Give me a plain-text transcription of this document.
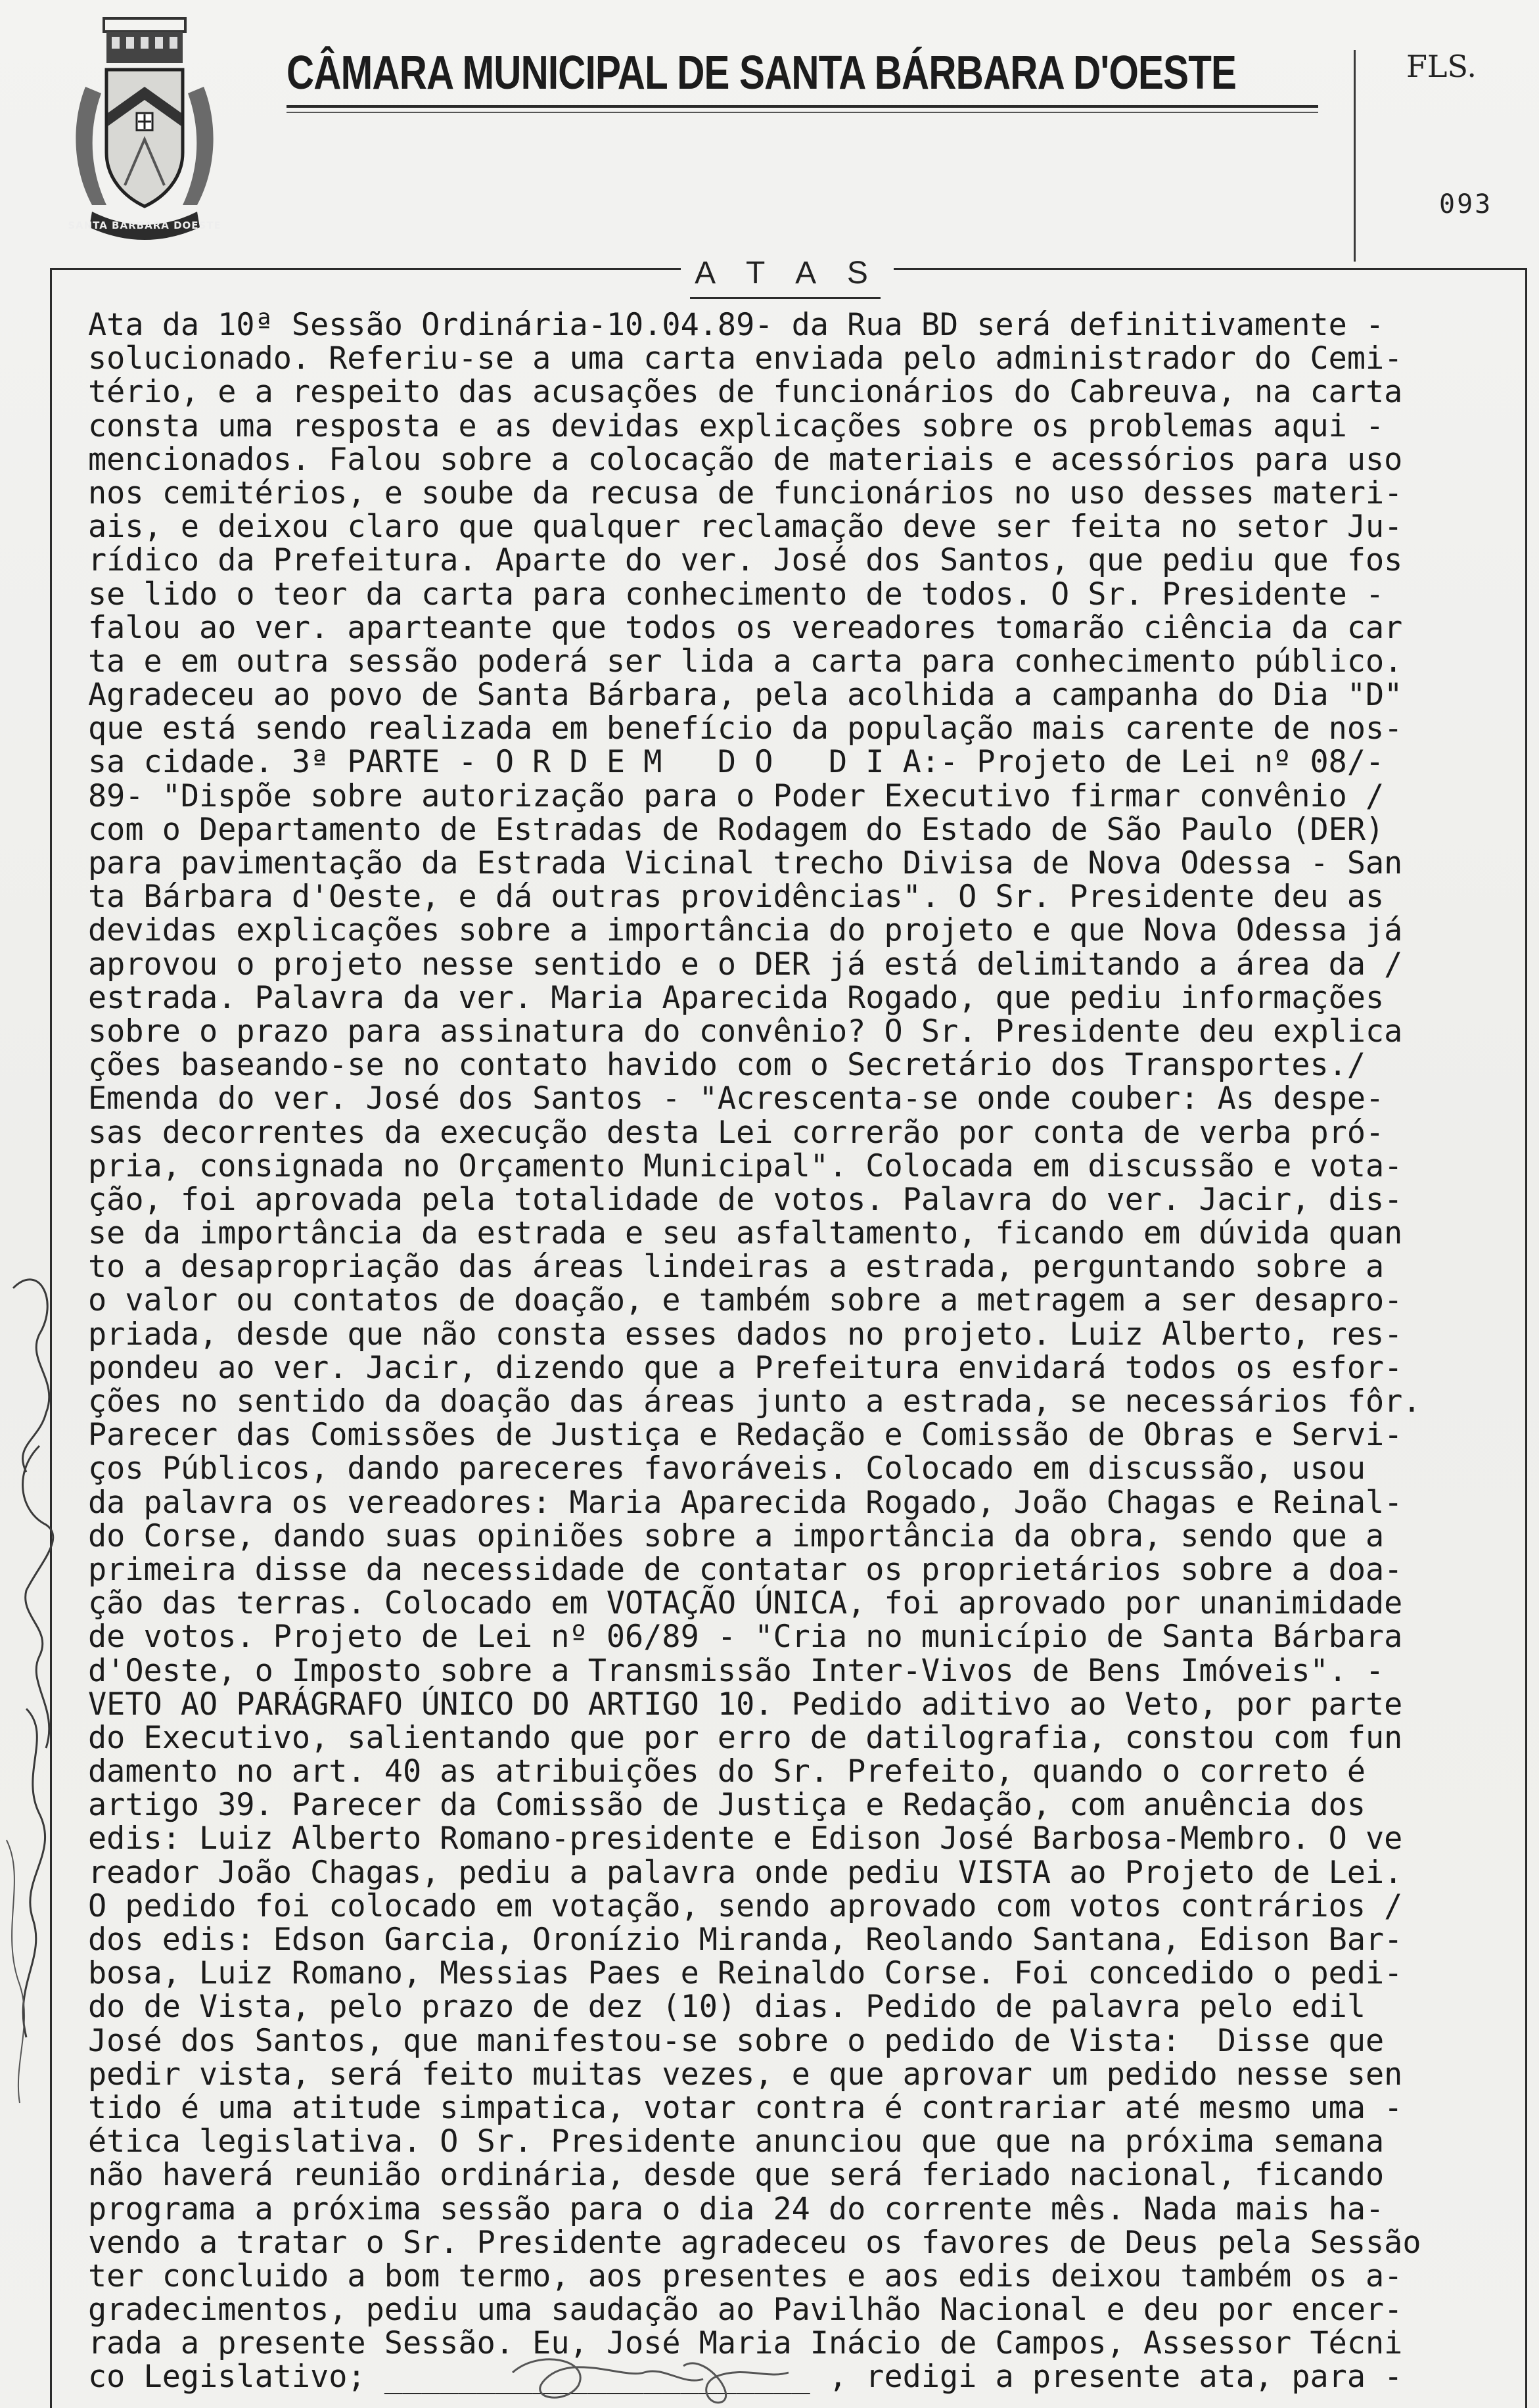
SANTA BARBARA DOESTE
CÂMARA MUNICIPAL DE SANTA BÁRBARA D'OESTE	FLS.
093
A T A S
Ata da 10ª Sessão Ordinária-10.04.89- da Rua BD será definitivamente -
solucionado. Referiu-se a uma carta enviada pelo administrador do Cemi-
tério, e a respeito das acusações de funcionários do Cabreuva, na carta
consta uma resposta e as devidas explicações sobre os problemas aqui -
mencionados. Falou sobre a colocação de materiais e acessórios para uso
nos cemitérios, e soube da recusa de funcionários no uso desses materi-
ais, e deixou claro que qualquer reclamação deve ser feita no setor Ju-
rídico da Prefeitura. Aparte do ver. José dos Santos, que pediu que fos
se lido o teor da carta para conhecimento de todos. O Sr. Presidente -
falou ao ver. aparteante que todos os vereadores tomarão ciência da car
ta e em outra sessão poderá ser lida a carta para conhecimento público.
Agradeceu ao povo de Santa Bárbara, pela acolhida a campanha do Dia "D"
que está sendo realizada em benefício da população mais carente de nos-
sa cidade. 3ª PARTE - O R D E M   D O   D I A:- Projeto de Lei nº 08/-
89- "Dispõe sobre autorização para o Poder Executivo firmar convênio /
com o Departamento de Estradas de Rodagem do Estado de São Paulo (DER)
para pavimentação da Estrada Vicinal trecho Divisa de Nova Odessa - San
ta Bárbara d'Oeste, e dá outras providências". O Sr. Presidente deu as
devidas explicações sobre a importância do projeto e que Nova Odessa já
aprovou o projeto nesse sentido e o DER já está delimitando a área da /
estrada. Palavra da ver. Maria Aparecida Rogado, que pediu informações
sobre o prazo para assinatura do convênio? O Sr. Presidente deu explica
ções baseando-se no contato havido com o Secretário dos Transportes./
Emenda do ver. José dos Santos - "Acrescenta-se onde couber: As despe-
sas decorrentes da execução desta Lei correrão por conta de verba pró-
pria, consignada no Orçamento Municipal". Colocada em discussão e vota-
ção, foi aprovada pela totalidade de votos. Palavra do ver. Jacir, dis-
se da importância da estrada e seu asfaltamento, ficando em dúvida quan
to a desapropriação das áreas lindeiras a estrada, perguntando sobre a
o valor ou contatos de doação, e também sobre a metragem a ser desapro-
priada, desde que não consta esses dados no projeto. Luiz Alberto, res-
pondeu ao ver. Jacir, dizendo que a Prefeitura envidará todos os esfor-
ções no sentido da doação das áreas junto a estrada, se necessários fôr.
Parecer das Comissões de Justiça e Redação e Comissão de Obras e Servi-
ços Públicos, dando pareceres favoráveis. Colocado em discussão, usou
da palavra os vereadores: Maria Aparecida Rogado, João Chagas e Reinal-
do Corse, dando suas opiniões sobre a importância da obra, sendo que a
primeira disse da necessidade de contatar os proprietários sobre a doa-
ção das terras. Colocado em VOTAÇÃO ÚNICA, foi aprovado por unanimidade
de votos. Projeto de Lei nº 06/89 - "Cria no município de Santa Bárbara
d'Oeste, o Imposto sobre a Transmissão Inter-Vivos de Bens Imóveis". -
VETO AO PARÁGRAFO ÚNICO DO ARTIGO 10. Pedido aditivo ao Veto, por parte
do Executivo, salientando que por erro de datilografia, constou com fun
damento no art. 40 as atribuições do Sr. Prefeito, quando o correto é
artigo 39. Parecer da Comissão de Justiça e Redação, com anuência dos
edis: Luiz Alberto Romano-presidente e Edison José Barbosa-Membro. O ve
reador João Chagas, pediu a palavra onde pediu VISTA ao Projeto de Lei.
O pedido foi colocado em votação, sendo aprovado com votos contrários /
dos edis: Edson Garcia, Oronízio Miranda, Reolando Santana, Edison Bar-
bosa, Luiz Romano, Messias Paes e Reinaldo Corse. Foi concedido o pedi-
do de Vista, pelo prazo de dez (10) dias. Pedido de palavra pelo edil
José dos Santos, que manifestou-se sobre o pedido de Vista:  Disse que
pedir vista, será feito muitas vezes, e que aprovar um pedido nesse sen
tido é uma atitude simpatica, votar contra é contrariar até mesmo uma -
ética legislativa. O Sr. Presidente anunciou que que na próxima semana
não haverá reunião ordinária, desde que será feriado nacional, ficando
programa a próxima sessão para o dia 24 do corrente mês. Nada mais ha-
vendo a tratar o Sr. Presidente agradeceu os favores de Deus pela Sessão
ter concluido a bom termo, aos presentes e aos edis deixou também os a-
gradecimentos, pediu uma saudação ao Pavilhão Nacional e deu por encer-
rada a presente Sessão. Eu, José Maria Inácio de Campos, Assessor Técni
co Legislativo; _______________________ , redigi a presente ata, para -
